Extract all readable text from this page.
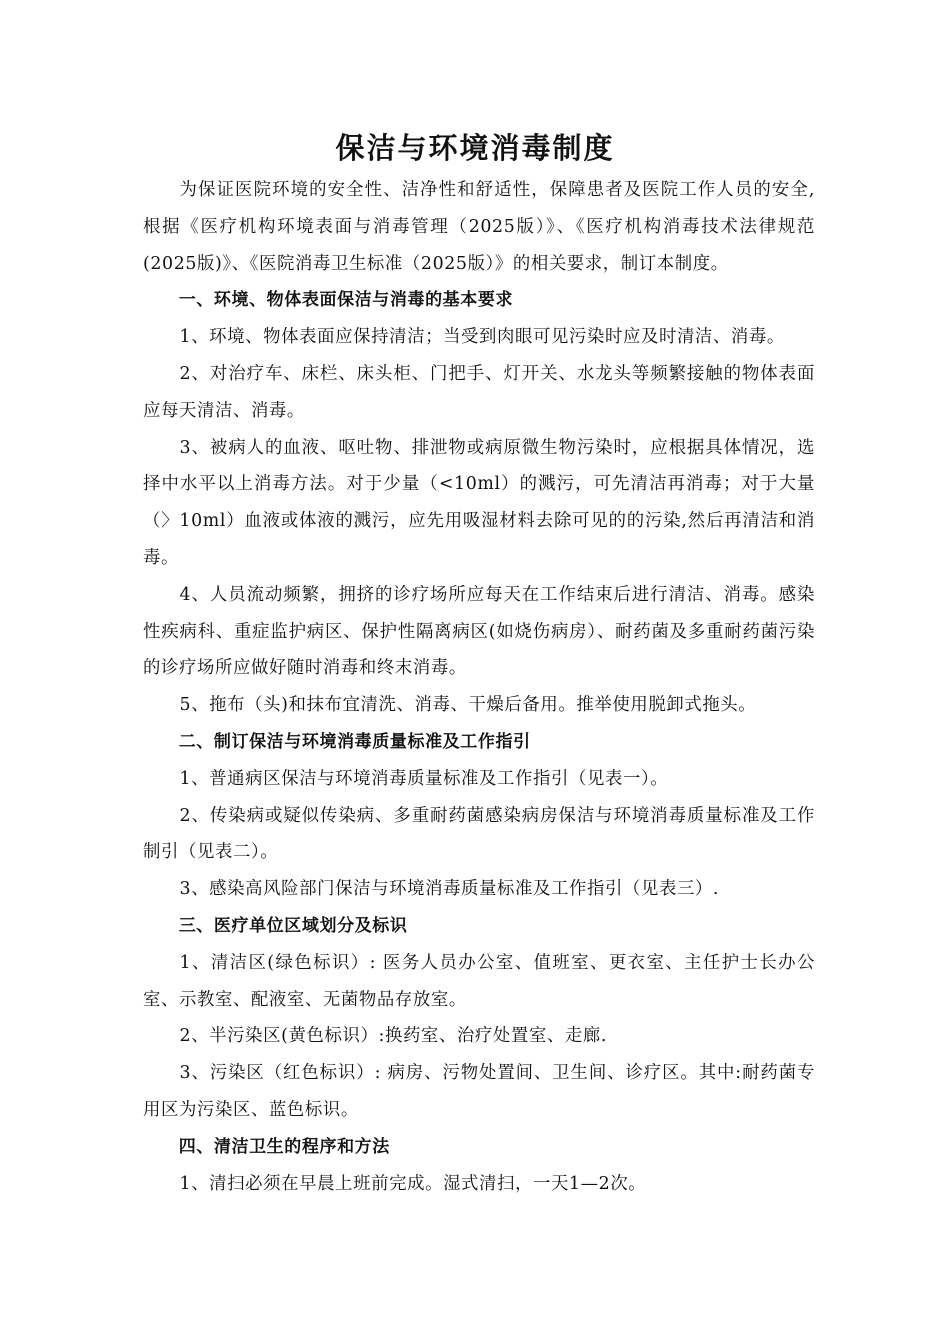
保洁与环境消毒制度

为保证医院环境的安全性、洁净性和舒适性，保障患者及医院工作人员的安全,根据《医疗机构环境表面与消毒管理（2025版）》、《医疗机构消毒技术法律规范(2025版)》、《医院消毒卫生标准（2025版）》的相关要求，制订本制度。

一、环境、物体表面保洁与消毒的基本要求

1、环境、物体表面应保持清洁；当受到肉眼可见污染时应及时清洁、消毒。

2、对治疗车、床栏、床头柜、门把手、灯开关、水龙头等频繁接触的物体表面应每天清洁、消毒。

3、被病人的血液、呕吐物、排泄物或病原微生物污染时，应根据具体情况，选择中水平以上消毒方法。对于少量（<10ml）的溅污，可先清洁再消毒；对于大量（〉10ml）血液或体液的溅污，应先用吸湿材料去除可见的的污染,然后再清洁和消毒。

4、人员流动频繁，拥挤的诊疗场所应每天在工作结束后进行清洁、消毒。感染性疾病科、重症监护病区、保护性隔离病区(如烧伤病房）、耐药菌及多重耐药菌污染的诊疗场所应做好随时消毒和终末消毒。

5、拖布（头)和抹布宜清洗、消毒、干燥后备用。推举使用脱卸式拖头。

二、制订保洁与环境消毒质量标准及工作指引

1、普通病区保洁与环境消毒质量标准及工作指引（见表一）。

2、传染病或疑似传染病、多重耐药菌感染病房保洁与环境消毒质量标准及工作制引（见表二）。

3、感染高风险部门保洁与环境消毒质量标准及工作指引（见表三）.

三、医疗单位区域划分及标识

1、清洁区(绿色标识）: 医务人员办公室、值班室、更衣室、主任护士长办公室、示教室、配液室、无菌物品存放室。

2、半污染区(黄色标识）:换药室、治疗处置室、走廊.

3、污染区（红色标识）: 病房、污物处置间、卫生间、诊疗区。其中:耐药菌专用区为污染区、蓝色标识。

四、清洁卫生的程序和方法

1、清扫必须在早晨上班前完成。湿式清扫，一天1—2次。
